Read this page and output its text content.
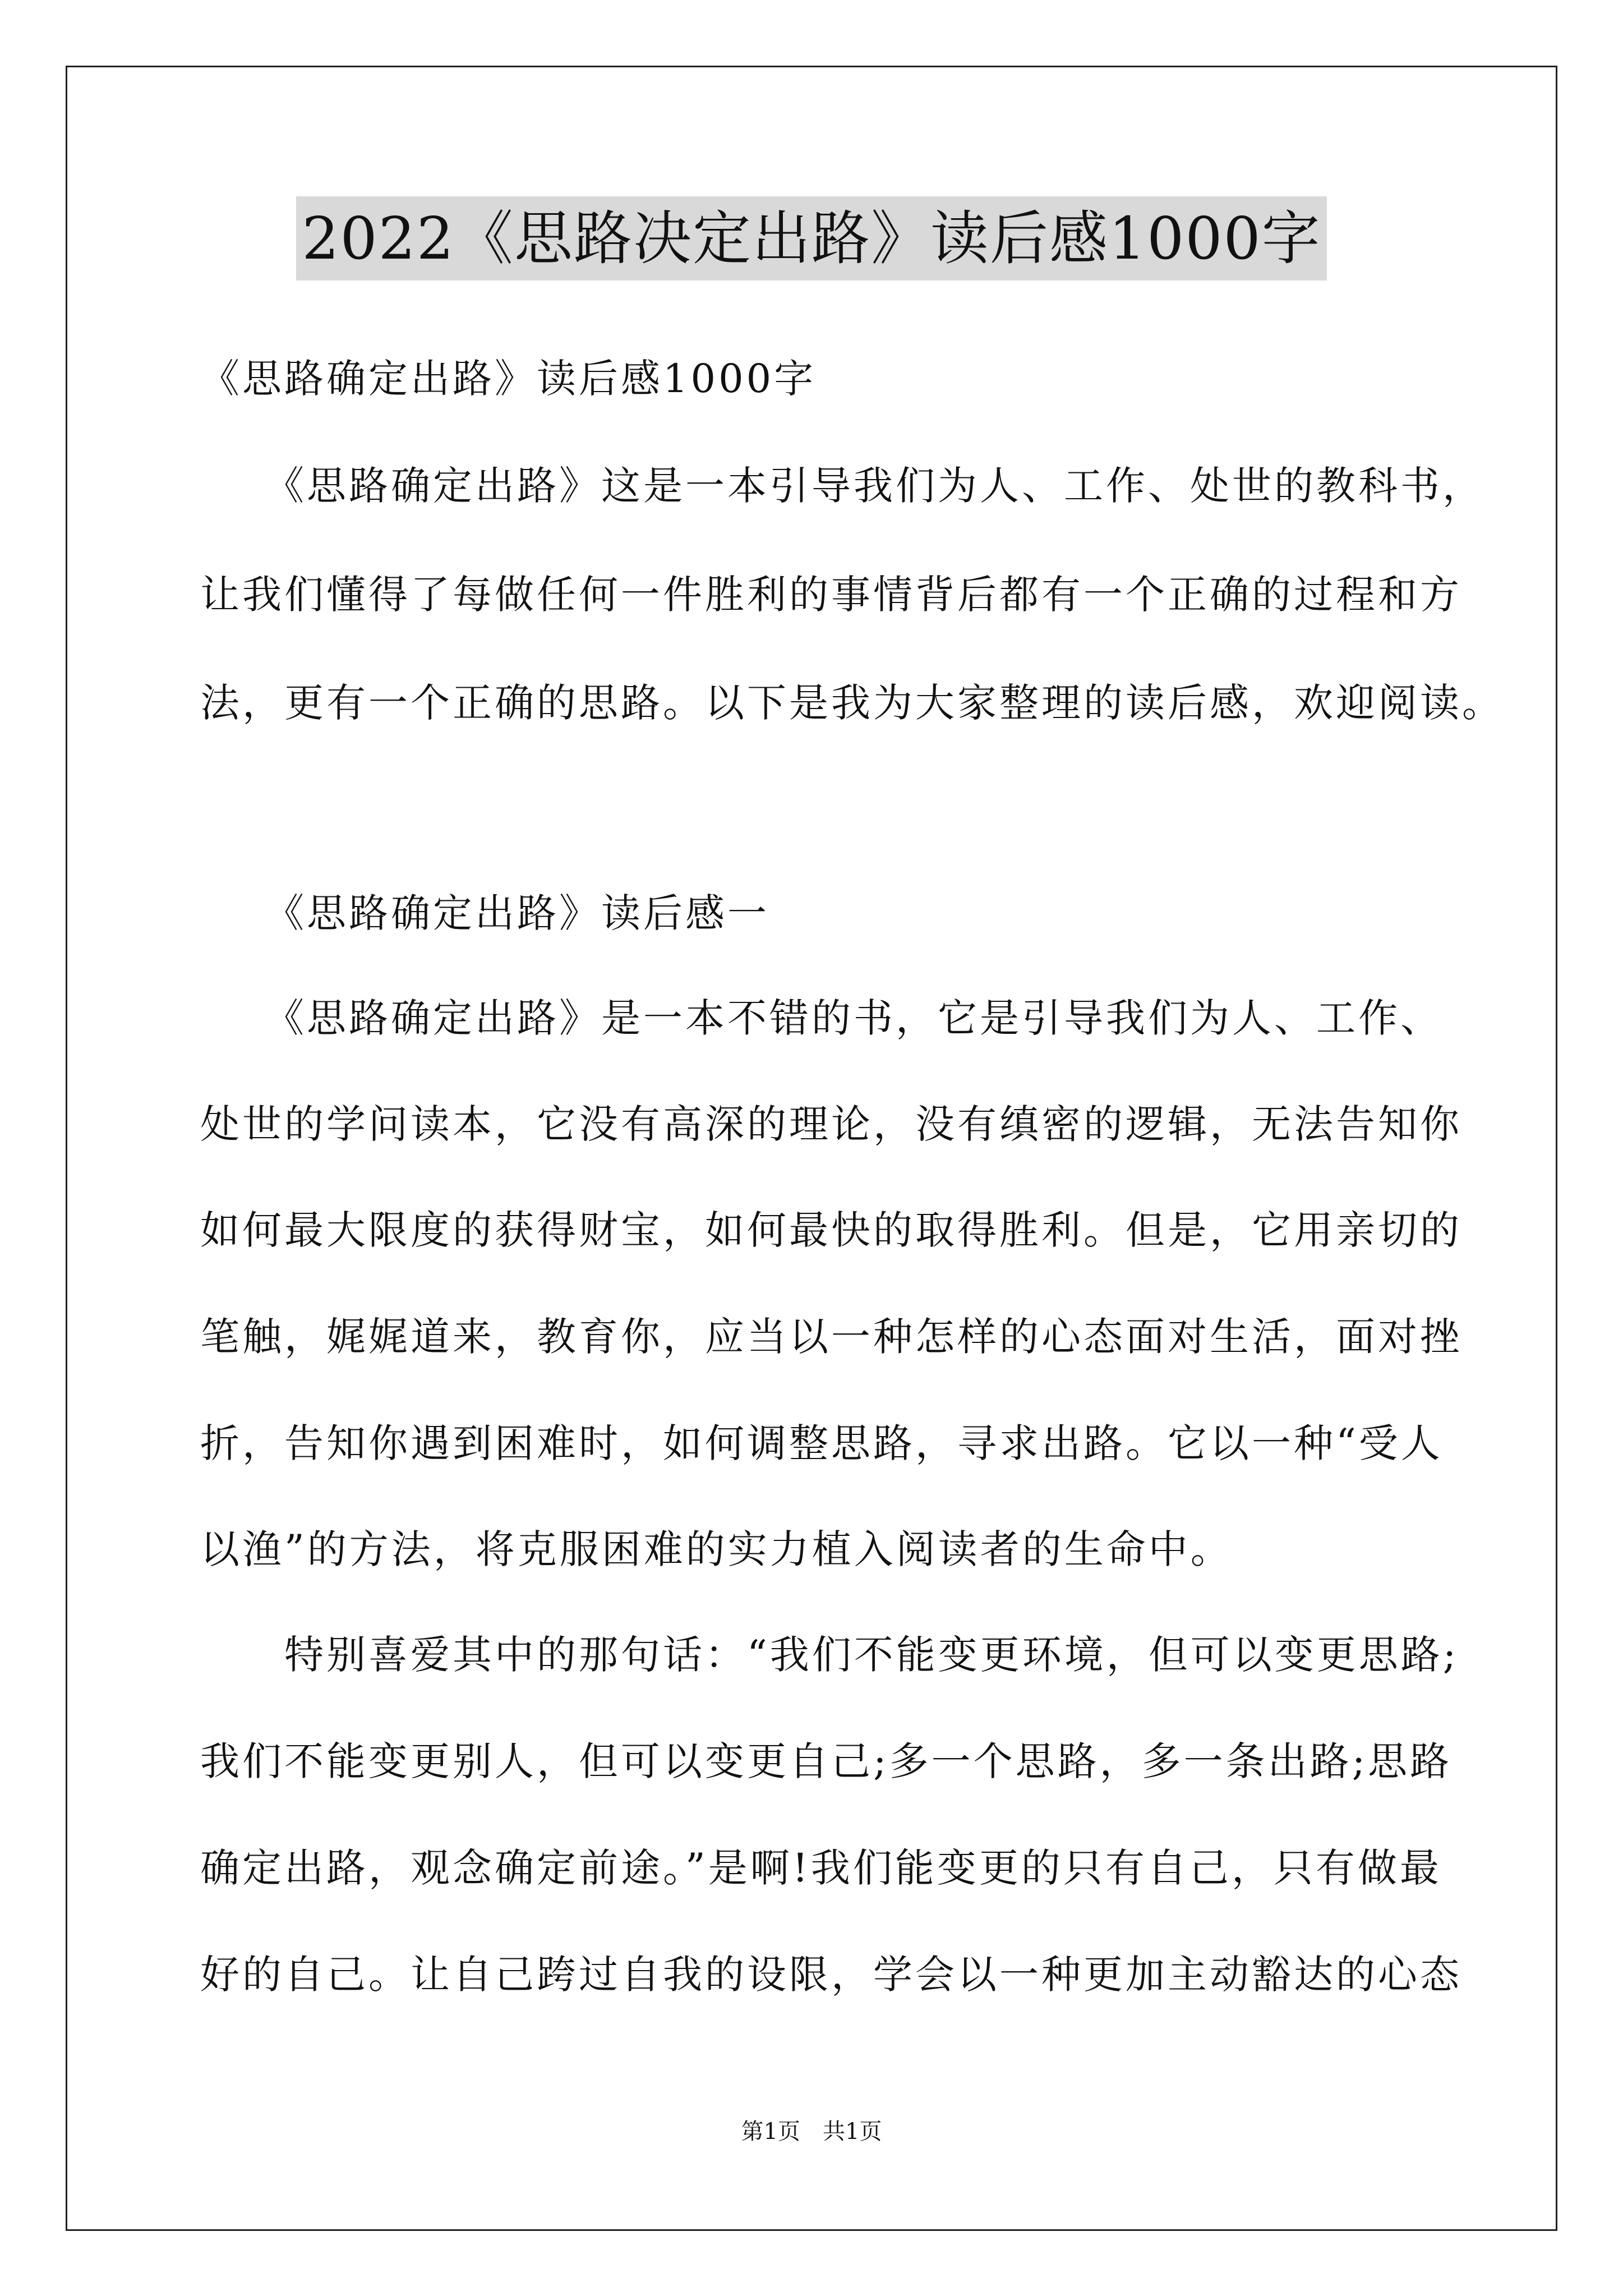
2022《思路决定出路》读后感1000字
《思路确定出路》读后感1000字
　　《思路确定出路》这是一本引导我们为人、工作、处世的教科书，
让我们懂得了每做任何一件胜利的事情背后都有一个正确的过程和方
法，更有一个正确的思路。以下是我为大家整理的读后感，欢迎阅读。
　　《思路确定出路》读后感一
　　《思路确定出路》是一本不错的书，它是引导我们为人、工作、
处世的学问读本，它没有高深的理论，没有缜密的逻辑，无法告知你
如何最大限度的获得财宝，如何最快的取得胜利。但是，它用亲切的
笔触，娓娓道来，教育你，应当以一种怎样的心态面对生活，面对挫
折，告知你遇到困难时，如何调整思路，寻求出路。它以一种“受人
以渔”的方法，将克服困难的实力植入阅读者的生命中。
　　特别喜爱其中的那句话：“我们不能变更环境，但可以变更思路;
我们不能变更别人，但可以变更自己;多一个思路，多一条出路;思路
确定出路，观念确定前途。”是啊!我们能变更的只有自己，只有做最
好的自己。让自己跨过自我的设限，学会以一种更加主动豁达的心态
第1页　共1页
